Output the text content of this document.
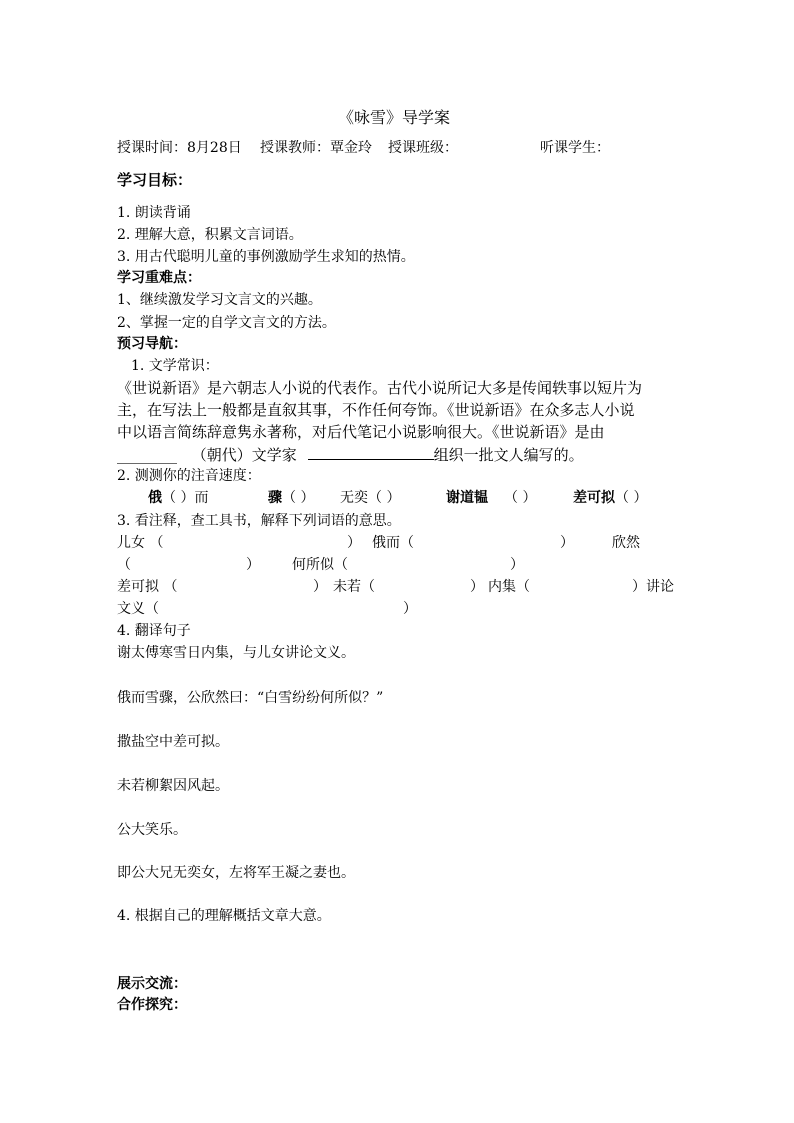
《咏雪》导学案
授课时间：8月28日 授课教师：覃金玲 授课班级：	听课学生：
学习目标：
1. 朗读背诵
2. 理解大意，积累文言词语。
3. 用古代聪明儿童的事例激励学生求知的热情。
学习重难点：
1、继续激发学习文言文的兴趣。
2、掌握一定的自学文言文的方法。
预习导航：
1. 文学常识：
《世说新语》是六朝志人小说的代表作。古代小说所记大多是传闻轶事以短片为
主，在写法上一般都是直叙其事，不作任何夸饰。《世说新语》在众多志人小说
中以语言简练辞意隽永著称，对后代笔记小说影响很大。《世说新语》是由
________ （朝代）文学家	组织一批文人编写的。
2. 测测你的注音速度：
俄（ ）而	骤（ ） 无奕（ ）	谢道韫 （ ）	差可拟（ ）
3. 看注释，查工具书，解释下列词语的意思。
儿女 （	） 俄而（	）	欣然
（	） 何所似（	）
差可拟 （	） 未若（	） 内集（	）讲论
文义（	）
4. 翻译句子
谢太傅寒雪日内集，与儿女讲论文义。
俄而雪骤，公欣然曰：“白雪纷纷何所似？”
撒盐空中差可拟。
未若柳絮因风起。
公大笑乐。
即公大兄无奕女，左将军王凝之妻也。
4. 根据自己的理解概括文章大意。
展示交流：
合作探究：
